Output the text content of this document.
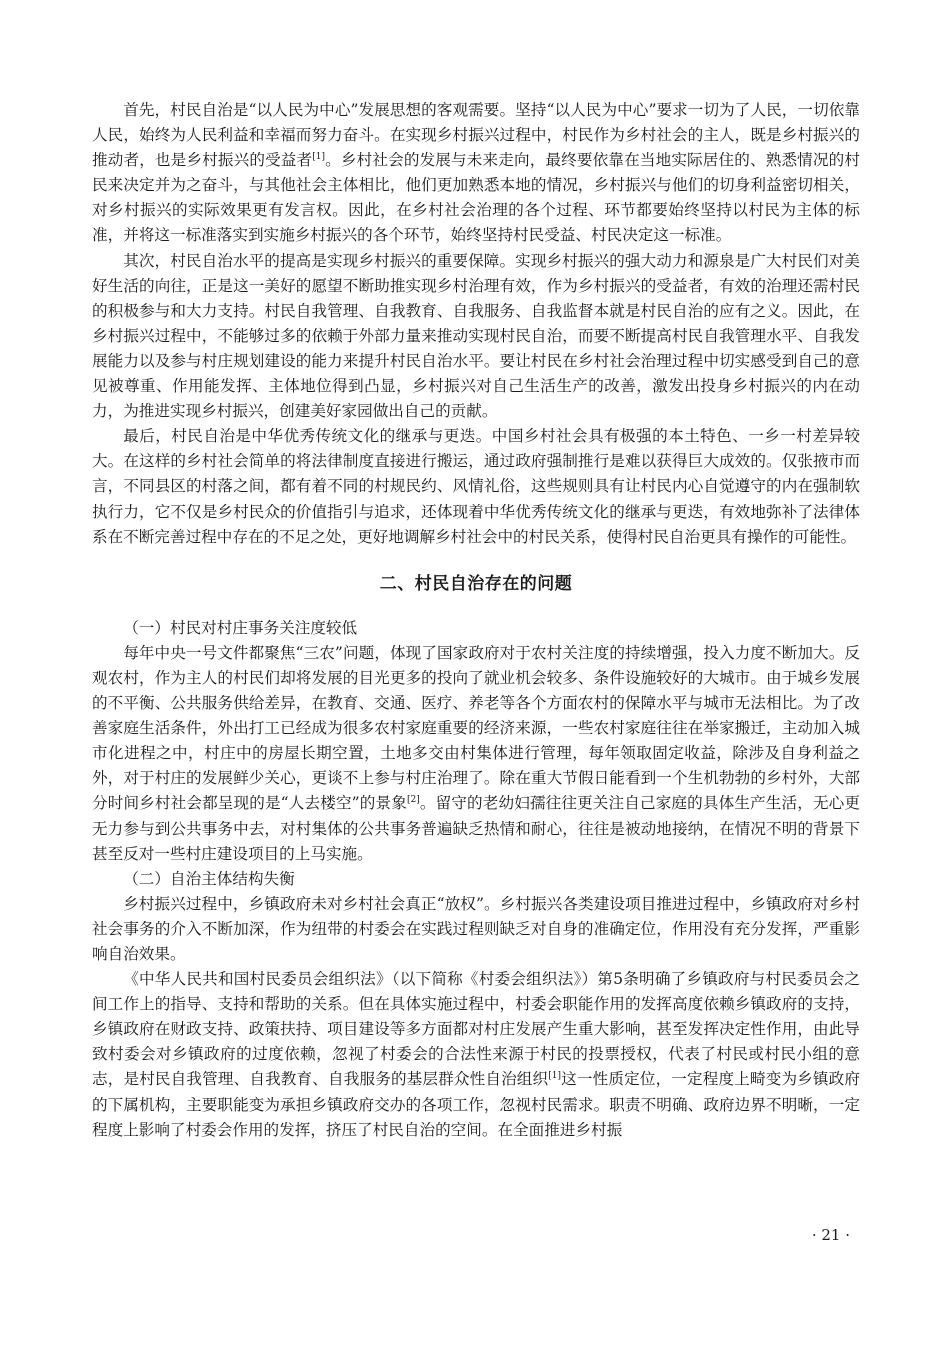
首先，村民自治是“以人民为中心”发展思想的客观需要。坚持“以人民为中心”要求一切为了人民，一切依靠人民，始终为人民利益和幸福而努力奋斗。在实现乡村振兴过程中，村民作为乡村社会的主人，既是乡村振兴的推动者，也是乡村振兴的受益者[1]。乡村社会的发展与未来走向，最终要依靠在当地实际居住的、熟悉情况的村民来决定并为之奋斗，与其他社会主体相比，他们更加熟悉本地的情况，乡村振兴与他们的切身利益密切相关，对乡村振兴的实际效果更有发言权。因此，在乡村社会治理的各个过程、环节都要始终坚持以村民为主体的标准，并将这一标准落实到实施乡村振兴的各个环节，始终坚持村民受益、村民决定这一标准。

其次，村民自治水平的提高是实现乡村振兴的重要保障。实现乡村振兴的强大动力和源泉是广大村民们对美好生活的向往，正是这一美好的愿望不断助推实现乡村治理有效，作为乡村振兴的受益者，有效的治理还需村民的积极参与和大力支持。村民自我管理、自我教育、自我服务、自我监督本就是村民自治的应有之义。因此，在乡村振兴过程中，不能够过多的依赖于外部力量来推动实现村民自治，而要不断提高村民自我管理水平、自我发展能力以及参与村庄规划建设的能力来提升村民自治水平。要让村民在乡村社会治理过程中切实感受到自己的意见被尊重、作用能发挥、主体地位得到凸显，乡村振兴对自己生活生产的改善，激发出投身乡村振兴的内在动力，为推进实现乡村振兴，创建美好家园做出自己的贡献。

最后，村民自治是中华优秀传统文化的继承与更迭。中国乡村社会具有极强的本土特色、一乡一村差异较大。在这样的乡村社会简单的将法律制度直接进行搬运，通过政府强制推行是难以获得巨大成效的。仅张掖市而言，不同县区的村落之间，都有着不同的村规民约、风情礼俗，这些规则具有让村民内心自觉遵守的内在强制软执行力，它不仅是乡村民众的价值指引与追求，还体现着中华优秀传统文化的继承与更迭，有效地弥补了法律体系在不断完善过程中存在的不足之处，更好地调解乡村社会中的村民关系，使得村民自治更具有操作的可能性。

二、村民自治存在的问题

（一）村民对村庄事务关注度较低

每年中央一号文件都聚焦“三农”问题，体现了国家政府对于农村关注度的持续增强，投入力度不断加大。反观农村，作为主人的村民们却将发展的目光更多的投向了就业机会较多、条件设施较好的大城市。由于城乡发展的不平衡、公共服务供给差异，在教育、交通、医疗、养老等各个方面农村的保障水平与城市无法相比。为了改善家庭生活条件，外出打工已经成为很多农村家庭重要的经济来源，一些农村家庭往往在举家搬迁，主动加入城市化进程之中，村庄中的房屋长期空置，土地多交由村集体进行管理，每年领取固定收益，除涉及自身利益之外，对于村庄的发展鲜少关心，更谈不上参与村庄治理了。除在重大节假日能看到一个生机勃勃的乡村外，大部分时间乡村社会都呈现的是“人去楼空”的景象[2]。留守的老幼妇孺往往更关注自己家庭的具体生产生活，无心更无力参与到公共事务中去，对村集体的公共事务普遍缺乏热情和耐心，往往是被动地接纳，在情况不明的背景下甚至反对一些村庄建设项目的上马实施。

（二）自治主体结构失衡

乡村振兴过程中，乡镇政府未对乡村社会真正“放权”。乡村振兴各类建设项目推进过程中，乡镇政府对乡村社会事务的介入不断加深，作为纽带的村委会在实践过程则缺乏对自身的准确定位，作用没有充分发挥，严重影响自治效果。

《中华人民共和国村民委员会组织法》（以下简称《村委会组织法》）第5条明确了乡镇政府与村民委员会之间工作上的指导、支持和帮助的关系。但在具体实施过程中，村委会职能作用的发挥高度依赖乡镇政府的支持，乡镇政府在财政支持、政策扶持、项目建设等多方面都对村庄发展产生重大影响，甚至发挥决定性作用，由此导致村委会对乡镇政府的过度依赖，忽视了村委会的合法性来源于村民的投票授权，代表了村民或村民小组的意志，是村民自我管理、自我教育、自我服务的基层群众性自治组织[1]这一性质定位，一定程度上畸变为乡镇政府的下属机构，主要职能变为承担乡镇政府交办的各项工作，忽视村民需求。职责不明确、政府边界不明晰，一定程度上影响了村委会作用的发挥，挤压了村民自治的空间。在全面推进乡村振

· 21 ·
